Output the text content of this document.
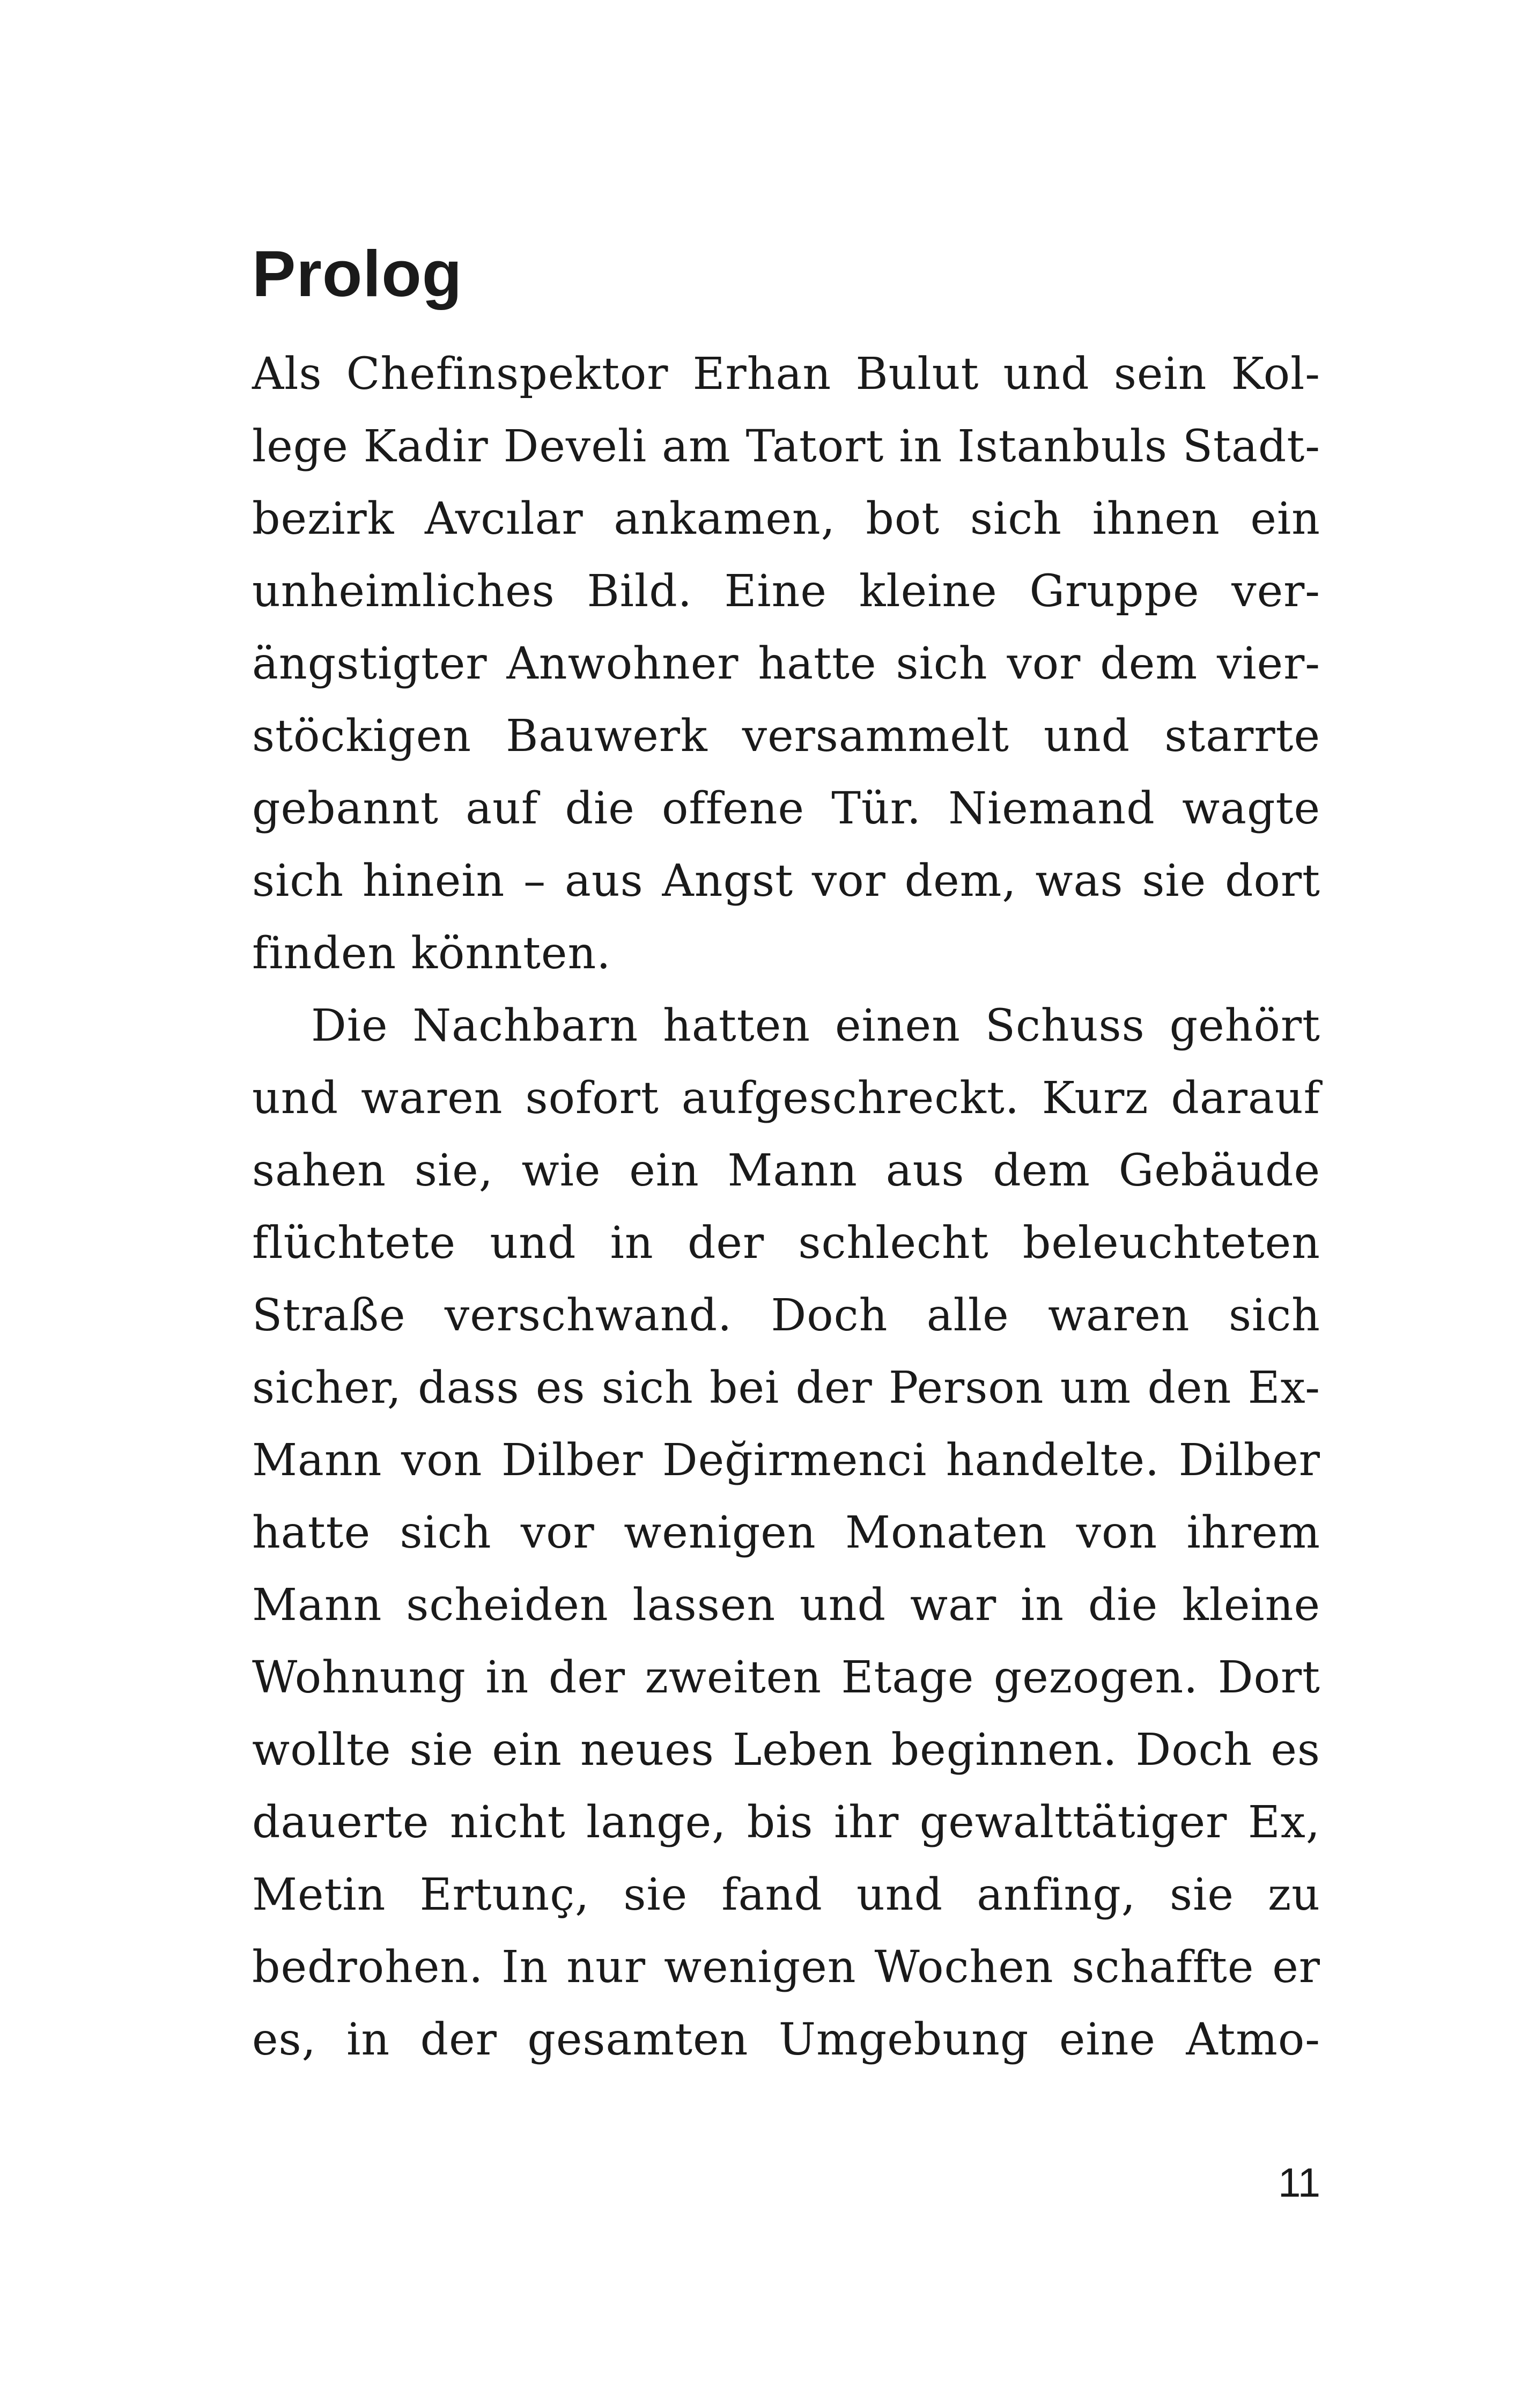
Prolog
Als Chefinspektor Erhan Bulut und sein Kol-
lege Kadir Develi am Tatort in Istanbuls Stadt-
bezirk Avcılar ankamen, bot sich ihnen ein
unheimliches Bild. Eine kleine Gruppe ver-
ängstigter Anwohner hatte sich vor dem vier-
stöckigen Bauwerk versammelt und starrte
gebannt auf die offene Tür. Niemand wagte
sich hinein – aus Angst vor dem, was sie dort
finden könnten.
Die Nachbarn hatten einen Schuss gehört
und waren sofort aufgeschreckt. Kurz darauf
sahen sie, wie ein Mann aus dem Gebäude
flüchtete und in der schlecht beleuchteten
Straße verschwand. Doch alle waren sich
sicher, dass es sich bei der Person um den Ex-
Mann von Dilber Değirmenci handelte. Dilber
hatte sich vor wenigen Monaten von ihrem
Mann scheiden lassen und war in die kleine
Wohnung in der zweiten Etage gezogen. Dort
wollte sie ein neues Leben beginnen. Doch es
dauerte nicht lange, bis ihr gewalttätiger Ex,
Metin Ertunç, sie fand und anfing, sie zu
bedrohen. In nur wenigen Wochen schaffte er
es, in der gesamten Umgebung eine Atmo-
11
